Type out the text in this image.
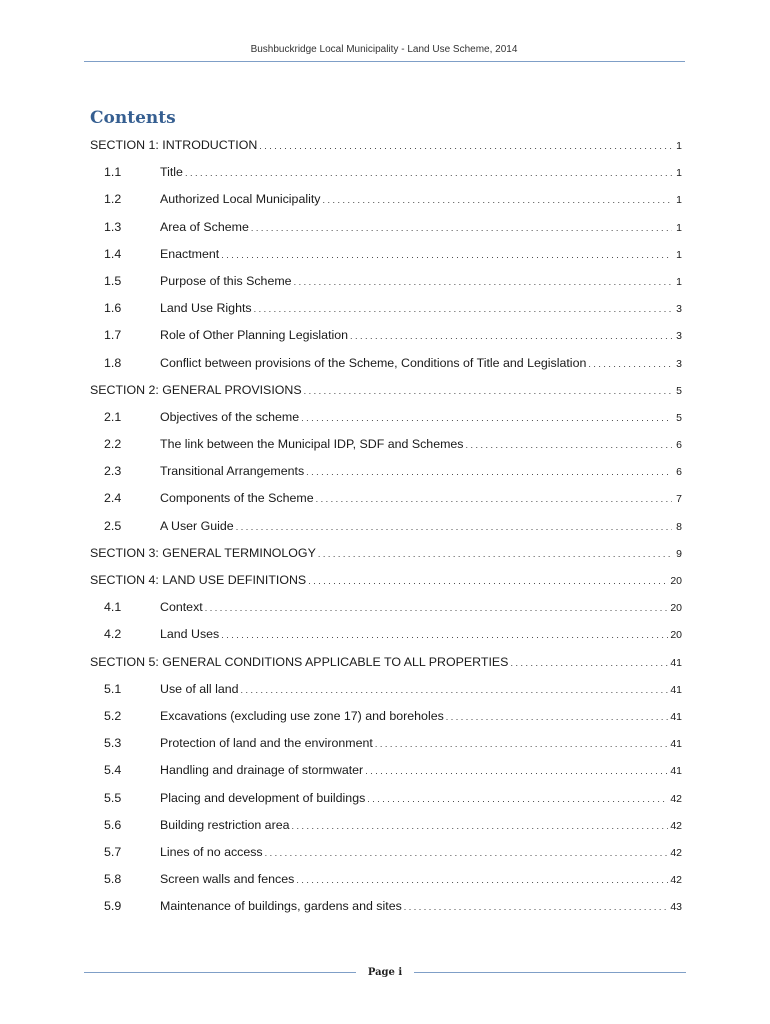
Bushbuckridge Local Municipality - Land Use Scheme, 2014
Contents
SECTION 1: INTRODUCTION . . .	1
1.1	Title . . .	1
1.2	Authorized Local Municipality . . .	1
1.3	Area of Scheme . . .	1
1.4	Enactment . . .	1
1.5	Purpose of this Scheme . . .	1
1.6	Land Use Rights . . .	3
1.7	Role of Other Planning Legislation . . .	3
1.8	Conflict between provisions of the Scheme, Conditions of Title and Legislation . . .	3
SECTION 2: GENERAL PROVISIONS . . .	5
2.1	Objectives of the scheme . . .	5
2.2	The link between the Municipal IDP, SDF and Schemes . . .	6
2.3	Transitional Arrangements . . .	6
2.4	Components of the Scheme . . .	7
2.5	A User Guide . . .	8
SECTION 3: GENERAL TERMINOLOGY . . .	9
SECTION 4: LAND USE DEFINITIONS . . .	20
4.1	Context . . .	20
4.2	Land Uses . . .	20
SECTION 5: GENERAL CONDITIONS APPLICABLE TO ALL PROPERTIES . . .	41
5.1	Use of all land . . .	41
5.2	Excavations (excluding use zone 17) and boreholes . . .	41
5.3	Protection of land and the environment . . .	41
5.4	Handling and drainage of stormwater . . .	41
5.5	Placing and development of buildings . . .	42
5.6	Building restriction area . . .	42
5.7	Lines of no access . . .	42
5.8	Screen walls and fences . . .	42
5.9	Maintenance of buildings, gardens and sites . . .	43
Page i
